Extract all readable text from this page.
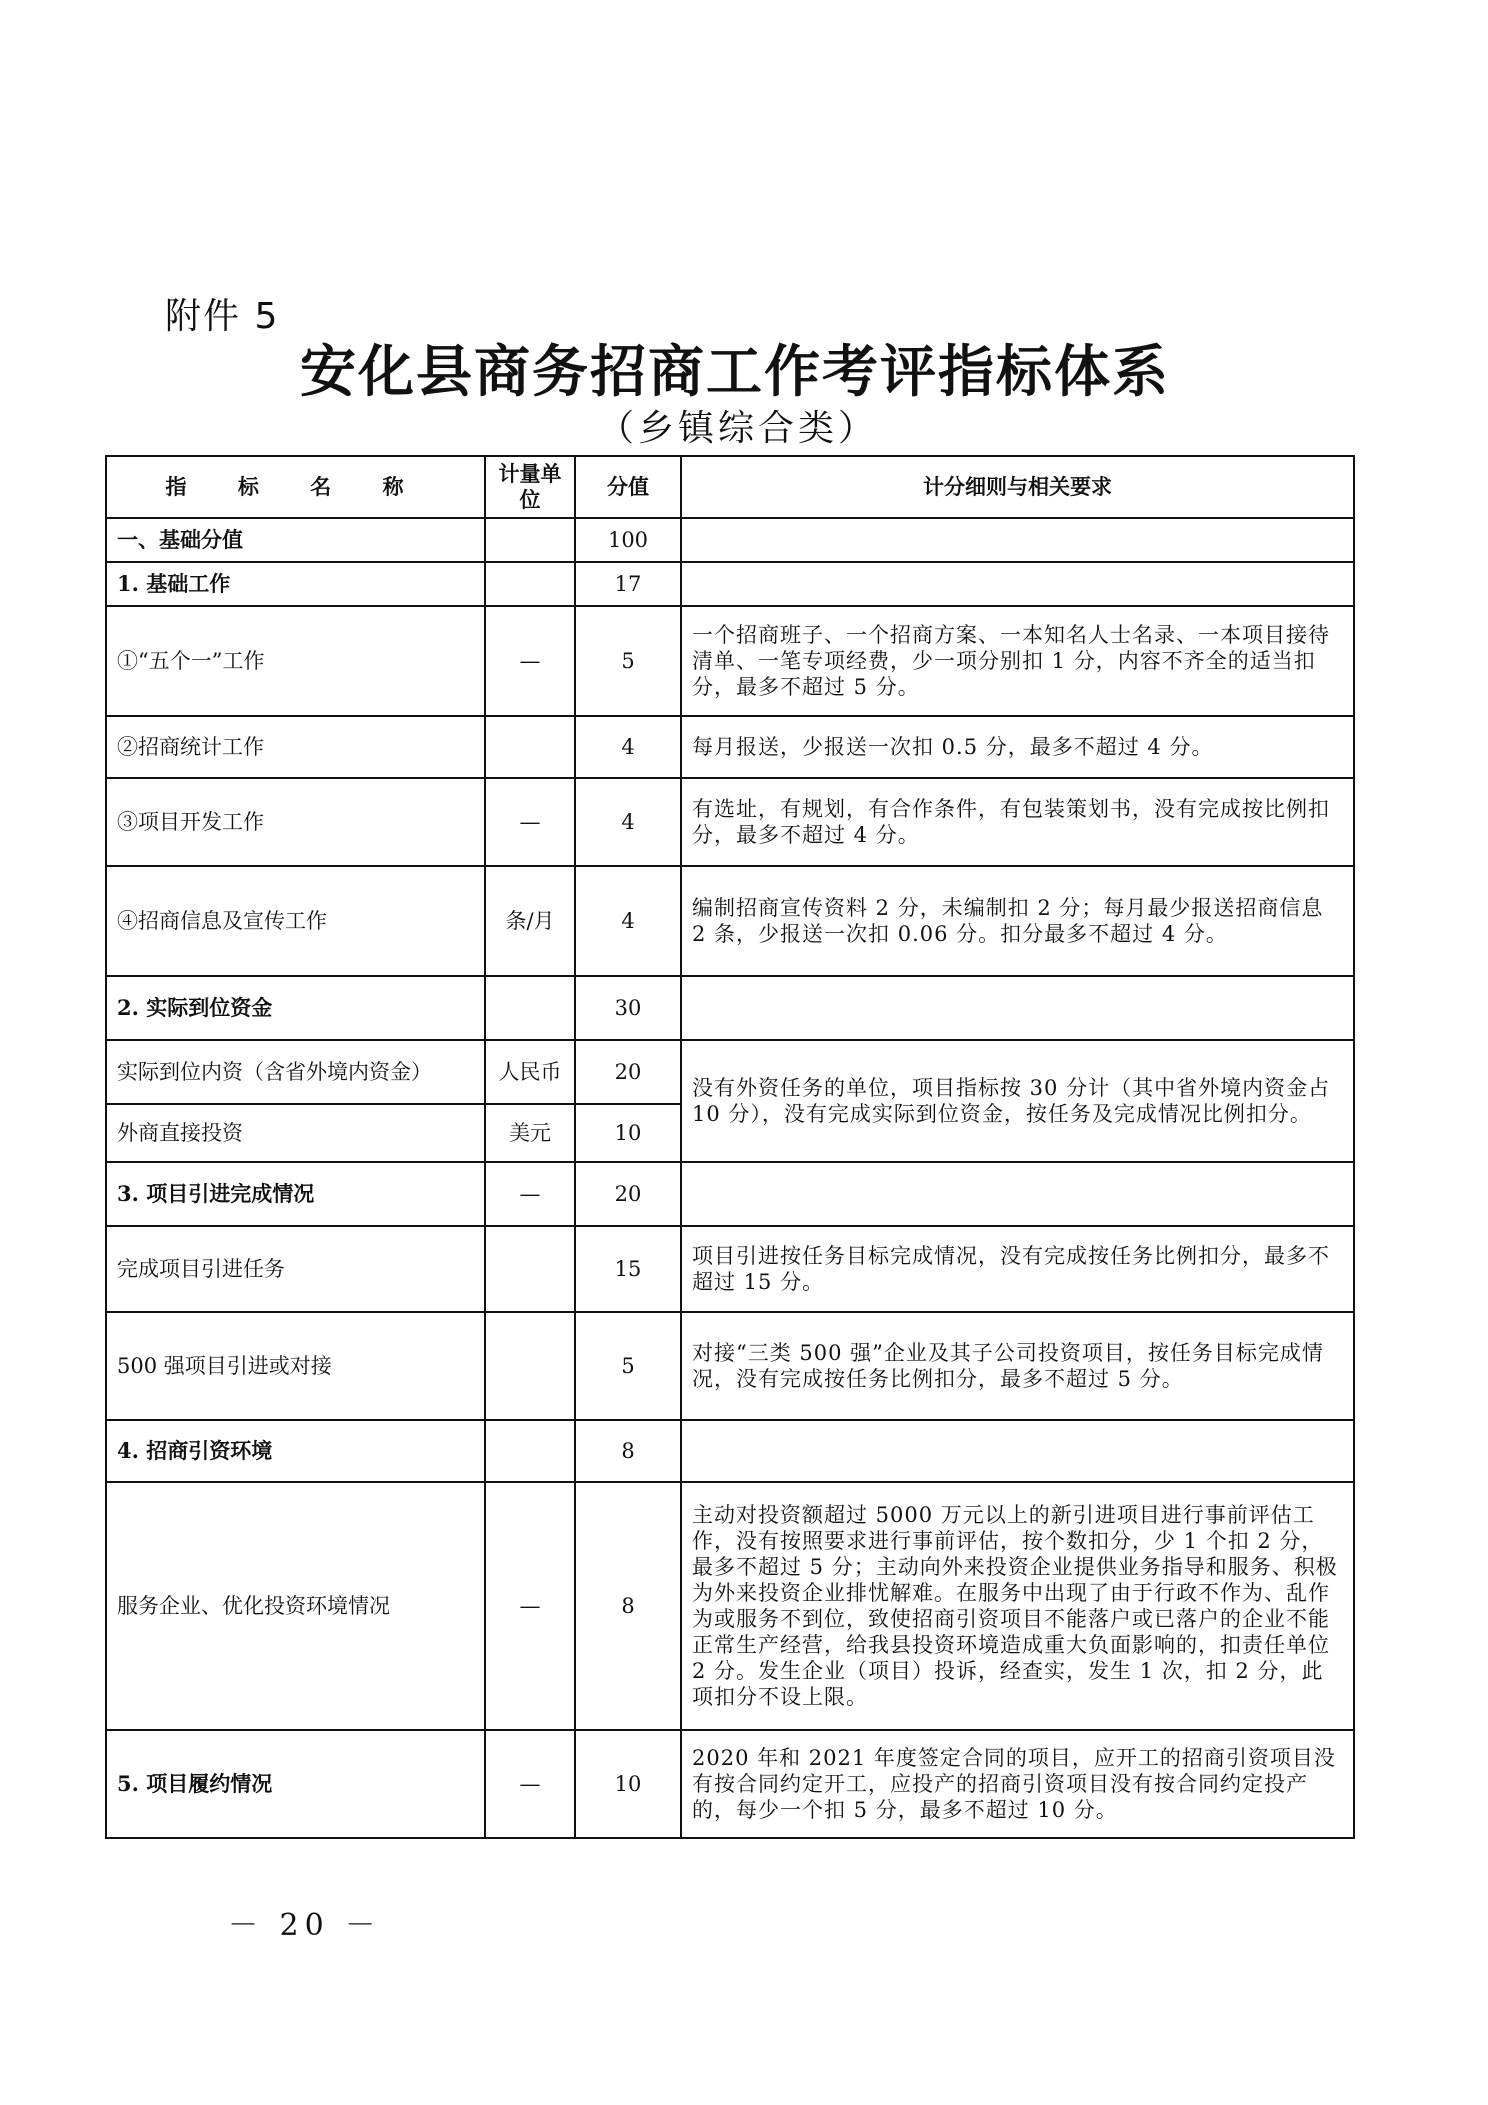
附件 5
安化县商务招商工作考评指标体系
（乡镇综合类）
指 标 名 称	计量单位	分值	计分细则与相关要求
一、基础分值		100	
1. 基础工作		17	
①“五个一”工作	—	5	一个招商班子、一个招商方案、一本知名人士名录、一本项目接待清单、一笔专项经费，少一项分别扣 1 分，内容不齐全的适当扣分，最多不超过 5 分。
②招商统计工作		4	每月报送，少报送一次扣 0.5 分，最多不超过 4 分。
③项目开发工作	—	4	有选址，有规划，有合作条件，有包装策划书，没有完成按比例扣分，最多不超过 4 分。
④招商信息及宣传工作	条/月	4	编制招商宣传资料 2 分，未编制扣 2 分；每月最少报送招商信息 2 条，少报送一次扣 0.06 分。扣分最多不超过 4 分。
2. 实际到位资金		30	
实际到位内资（含省外境内资金）	人民币	20	没有外资任务的单位，项目指标按 30 分计（其中省外境内资金占 10 分），没有完成实际到位资金，按任务及完成情况比例扣分。
外商直接投资	美元	10	
3. 项目引进完成情况	—	20	
完成项目引进任务		15	项目引进按任务目标完成情况，没有完成按任务比例扣分，最多不超过 15 分。
500 强项目引进或对接		5	对接“三类 500 强”企业及其子公司投资项目，按任务目标完成情况，没有完成按任务比例扣分，最多不超过 5 分。
4. 招商引资环境		8	
服务企业、优化投资环境情况	—	8	主动对投资额超过 5000 万元以上的新引进项目进行事前评估工作，没有按照要求进行事前评估，按个数扣分，少 1 个扣 2 分，最多不超过 5 分；主动向外来投资企业提供业务指导和服务、积极为外来投资企业排忧解难。在服务中出现了由于行政不作为、乱作为或服务不到位，致使招商引资项目不能落户或已落户的企业不能正常生产经营，给我县投资环境造成重大负面影响的，扣责任单位 2 分。发生企业（项目）投诉，经查实，发生 1 次，扣 2 分，此项扣分不设上限。
5. 项目履约情况	—	10	2020 年和 2021 年度签定合同的项目，应开工的招商引资项目没有按合同约定开工，应投产的招商引资项目没有按合同约定投产的，每少一个扣 5 分，最多不超过 10 分。
－ 20 －
